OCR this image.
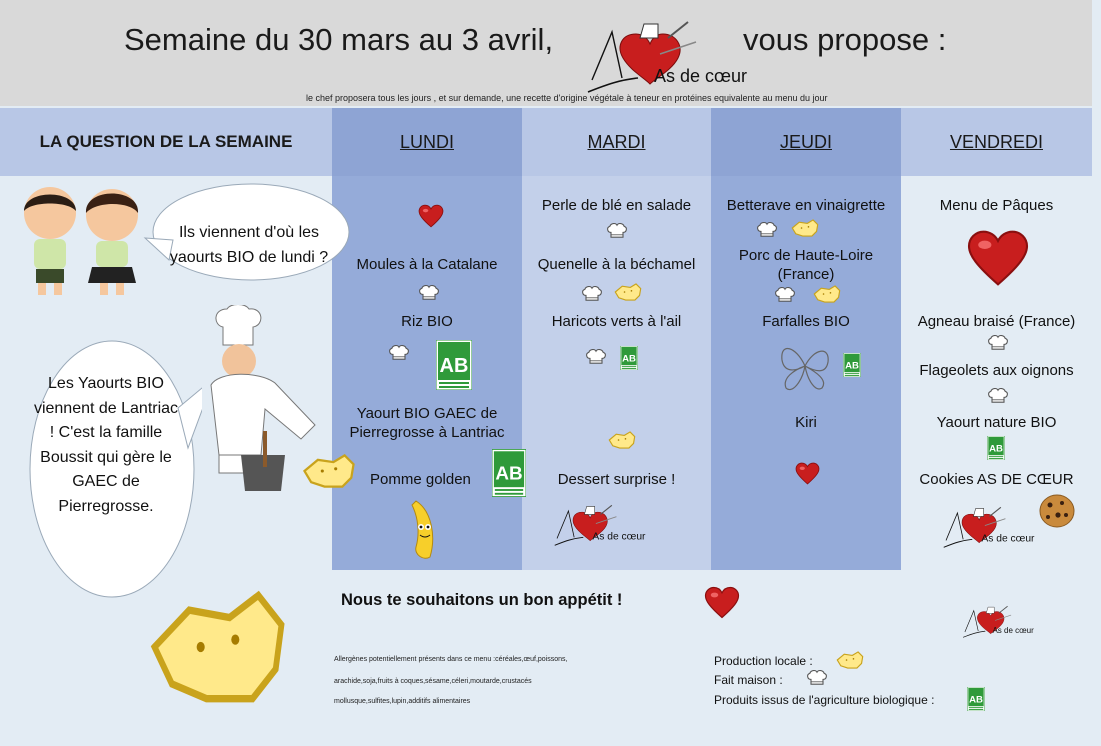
Semaine du 30 mars au 3 avril,	vous propose :
As de cœur
le chef proposera tous les jours , et sur demande, une recette d'origine végétale à teneur en protéines equivalente au menu du jour
LA QUESTION DE LA SEMAINE	LUNDI	MARDI	JEUDI	VENDREDI
Ils viennent d'où les yaourts BIO de lundi ?
Les Yaourts BIO viennent de Lantriac ! C'est la famille Boussit qui gère le GAEC de Pierregrosse.
Moules à la Catalane
Riz BIO
Yaourt BIO GAEC de Pierregrosse à Lantriac
Pomme golden
Perle de blé en salade
Quenelle à la béchamel
Haricots verts à l'ail
Dessert surprise !
As de cœur
Betterave en vinaigrette
Porc de Haute-Loire (France)
Farfalles BIO
Kiri
Menu de Pâques
Agneau braisé (France)
Flageolets aux oignons
Yaourt nature BIO
Cookies AS DE CŒUR
As de cœur
Nous te souhaitons un bon appétit !
As de cœur
Allergènes potentiellement présents dans ce menu :céréales,œuf,poissons,
arachide,soja,fruits à coques,sésame,céleri,moutarde,crustacés
mollusque,sulfites,lupin,additifs alimentaires
Production locale :
Fait maison :
Produits issus de l'agriculture biologique :
